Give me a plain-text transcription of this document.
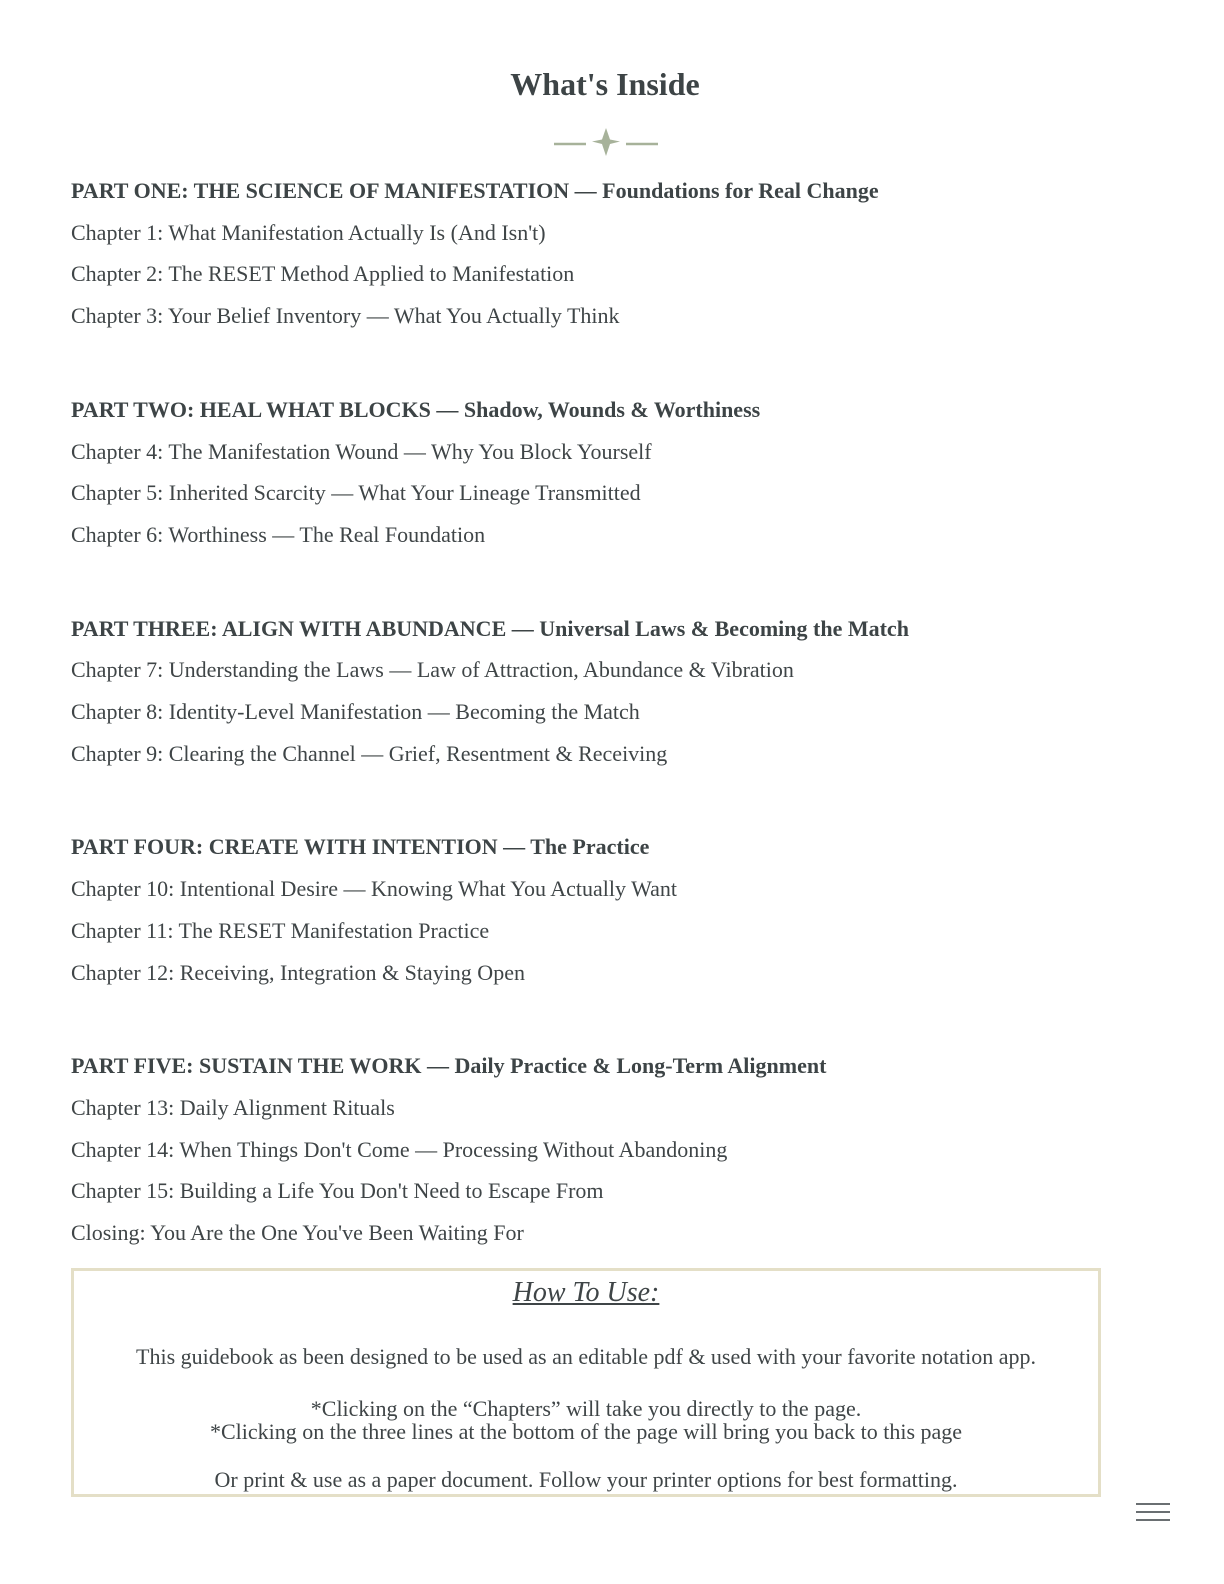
What's Inside
PART ONE: THE SCIENCE OF MANIFESTATION — Foundations for Real Change
Chapter 1: What Manifestation Actually Is (And Isn't)
Chapter 2: The RESET Method Applied to Manifestation
Chapter 3: Your Belief Inventory — What You Actually Think
PART TWO: HEAL WHAT BLOCKS — Shadow, Wounds & Worthiness
Chapter 4: The Manifestation Wound — Why You Block Yourself
Chapter 5: Inherited Scarcity — What Your Lineage Transmitted
Chapter 6: Worthiness — The Real Foundation
PART THREE: ALIGN WITH ABUNDANCE — Universal Laws & Becoming the Match
Chapter 7: Understanding the Laws — Law of Attraction, Abundance & Vibration
Chapter 8: Identity-Level Manifestation — Becoming the Match
Chapter 9: Clearing the Channel — Grief, Resentment & Receiving
PART FOUR: CREATE WITH INTENTION — The Practice
Chapter 10: Intentional Desire — Knowing What You Actually Want
Chapter 11: The RESET Manifestation Practice
Chapter 12: Receiving, Integration & Staying Open
PART FIVE: SUSTAIN THE WORK — Daily Practice & Long-Term Alignment
Chapter 13: Daily Alignment Rituals
Chapter 14: When Things Don't Come — Processing Without Abandoning
Chapter 15: Building a Life You Don't Need to Escape From
Closing: You Are the One You've Been Waiting For
How To Use:
This guidebook as been designed to be used as an editable pdf & used with your favorite notation app.
*Clicking on the “Chapters” will take you directly to the page.
*Clicking on the three lines at the bottom of the page will bring you back to this page
Or print & use as a paper document. Follow your printer options for best formatting.
